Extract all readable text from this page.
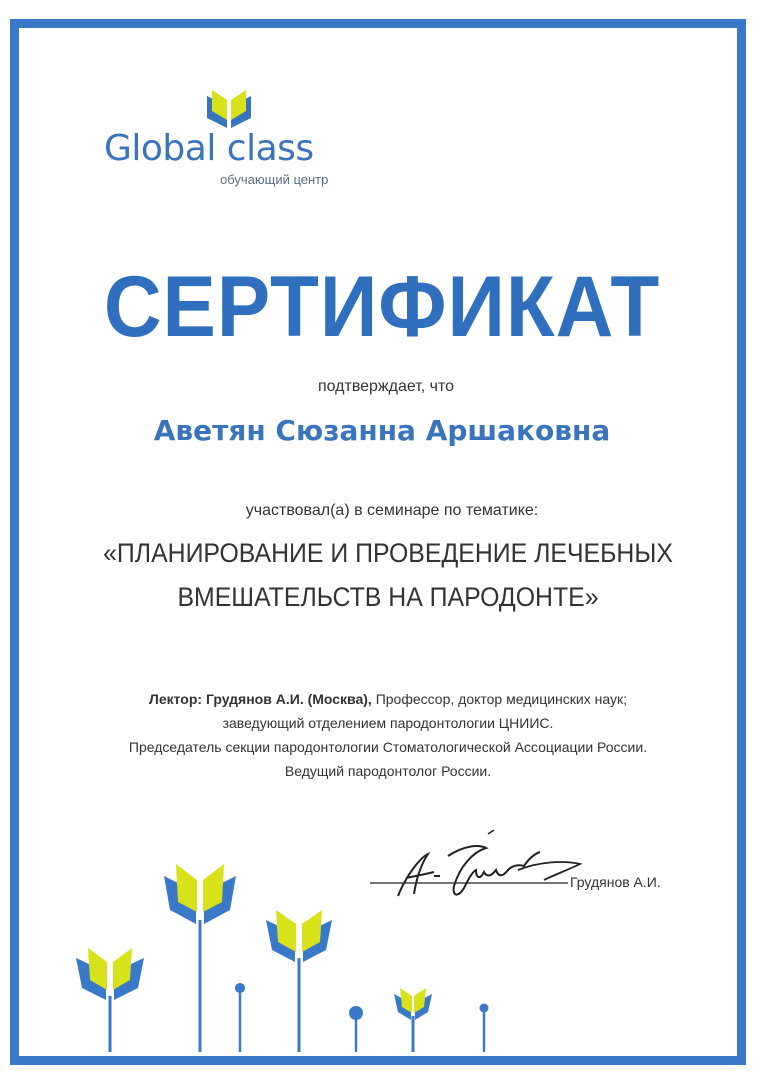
Global class
обучающий центр
СЕРТИФИКАТ
подтверждает, что
Аветян Сюзанна Аршаковна
участвовал(а) в семинаре по тематике:
«ПЛАНИРОВАНИЕ И ПРОВЕДЕНИЕ ЛЕЧЕБНЫХ
ВМЕШАТЕЛЬСТВ НА ПАРОДОНТЕ»
Лектор: Грудянов А.И. (Москва), Профессор, доктор медицинских наук;
заведующий отделением пародонтологии ЦНИИС.
Председатель секции пародонтологии Стоматологической Ассоциации России.
Ведущий пародонтолог России.
Грудянов А.И.
